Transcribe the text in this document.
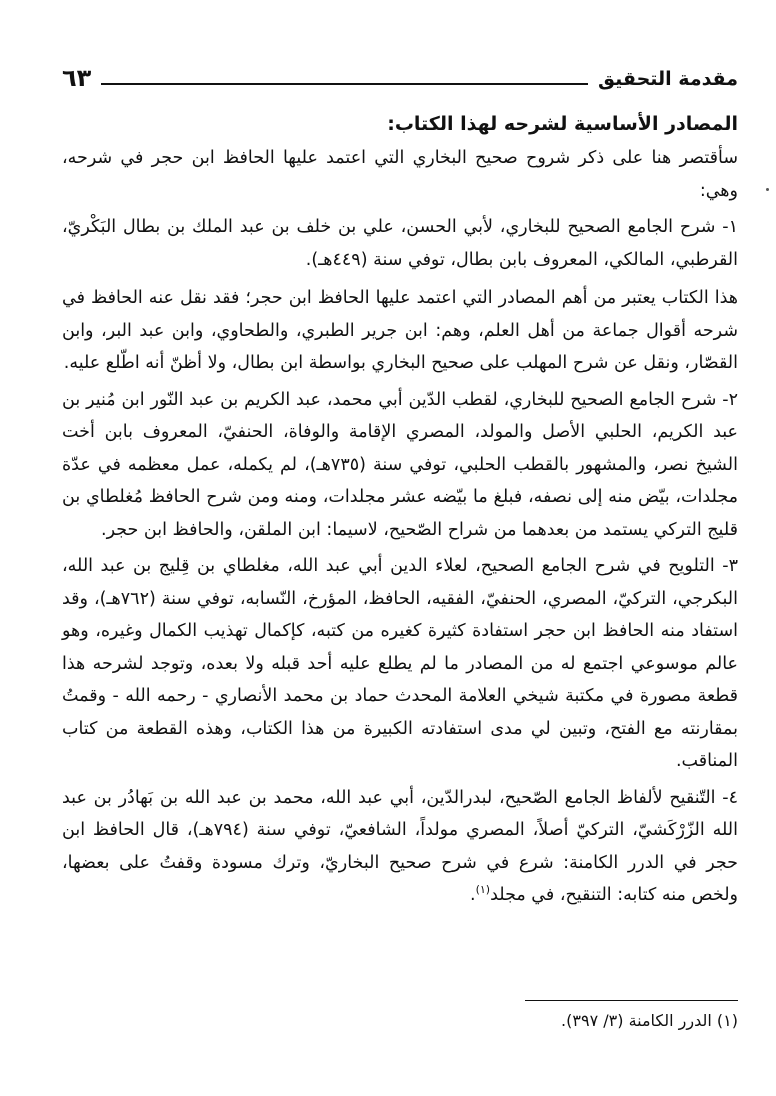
مقدمة التحقيق
٦٣
المصادر الأساسية لشرحه لهذا الكتاب:

سأقتصر هنا على ذكر شروح صحيح البخاري التي اعتمد عليها الحافظ ابن حجر في شرحه، وهي:

١- شرح الجامع الصحيح للبخاري، لأبي الحسن، علي بن خلف بن عبد الملك بن بطال البَكْريّ، القرطبي، المالكي، المعروف بابن بطال، توفي سنة (٤٤٩هـ).

هذا الكتاب يعتبر من أهم المصادر التي اعتمد عليها الحافظ ابن حجر؛ فقد نقل عنه الحافظ في شرحه أقوال جماعة من أهل العلم، وهم: ابن جرير الطبري، والطحاوي، وابن عبد البر، وابن القصّار، ونقل عن شرح المهلب على صحيح البخاري بواسطة ابن بطال، ولا أظنّ أنه اطّلع عليه.

٢- شرح الجامع الصحيح للبخاري، لقطب الدّين أبي محمد، عبد الكريم بن عبد النّور ابن مُنير بن عبد الكريم، الحلبي الأصل والمولد، المصري الإقامة والوفاة، الحنفيّ، المعروف بابن أخت الشيخ نصر، والمشهور بالقطب الحلبي، توفي سنة (٧٣٥هـ)، لم يكمله، عمل معظمه في عدّة مجلدات، بيّض منه إلى نصفه، فبلغ ما بيّضه عشر مجلدات، ومنه ومن شرح الحافظ مُغلطاي بن قليج التركي يستمد من بعدهما من شراح الصّحيح، لاسيما: ابن الملقن، والحافظ ابن حجر.

٣- التلويح في شرح الجامع الصحيح، لعلاء الدين أبي عبد الله، مغلطاي بن قِليج بن عبد الله، البكرجي، التركيّ، المصري، الحنفيّ، الفقيه، الحافظ، المؤرخ، النّسابه، توفي سنة (٧٦٢هـ)، وقد استفاد منه الحافظ ابن حجر استفادة كثيرة كغيره من كتبه، كإكمال تهذيب الكمال وغيره، وهو عالم موسوعي اجتمع له من المصادر ما لم يطلع عليه أحد قبله ولا بعده، وتوجد لشرحه هذا قطعة مصورة في مكتبة شيخي العلامة المحدث حماد بن محمد الأنصاري - رحمه الله - وقمتُ بمقارنته مع الفتح، وتبين لي مدى استفادته الكبيرة من هذا الكتاب، وهذه القطعة من كتاب المناقب.

٤- التّنقيح لألفاظ الجامع الصّحيح، لبدرالدّين، أبي عبد الله، محمد بن عبد الله بن بَهادُر بن عبد الله الزّرْكَشيّ، التركيّ أصلاً، المصري مولداً، الشافعيّ، توفي سنة (٧٩٤هـ)، قال الحافظ ابن حجر في الدرر الكامنة: شرع في شرح صحيح البخاريّ، وترك مسودة وقفتُ على بعضها، ولخص منه كتابه: التنقيح، في مجلد$^{(١)}$.

(١) الدرر الكامنة (٣/ ٣٩٧).
